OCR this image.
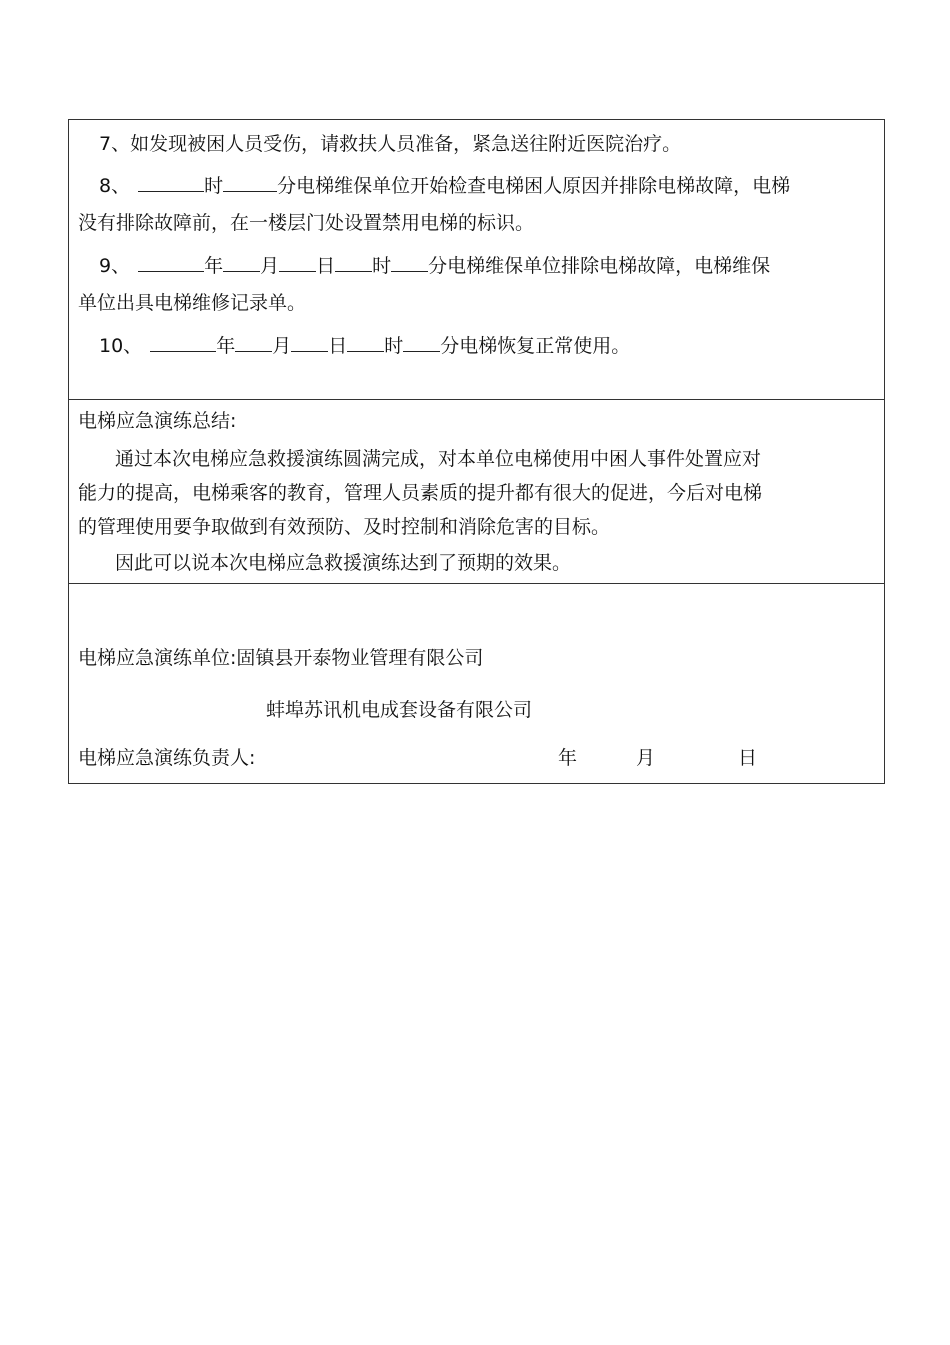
7、如发现被困人员受伤，请救扶人员准备，紧急送往附近医院治疗。
8、	时	分电梯维保单位开始检查电梯困人原因并排除电梯故障，电梯
没有排除故障前，在一楼层门处设置禁用电梯的标识。
9、	年 月 日 时 分电梯维保单位排除电梯故障，电梯维保
单位出具电梯维修记录单。
10、	年 月 日 时 分电梯恢复正常使用。
电梯应急演练总结:
通过本次电梯应急救援演练圆满完成，对本单位电梯使用中困人事件处置应对
能力的提高，电梯乘客的教育，管理人员素质的提升都有很大的促进，今后对电梯
的管理使用要争取做到有效预防、及时控制和消除危害的目标。
因此可以说本次电梯应急救援演练达到了预期的效果。
电梯应急演练单位:固镇县开泰物业管理有限公司
蚌埠苏讯机电成套设备有限公司
电梯应急演练负责人:	年	月	日
